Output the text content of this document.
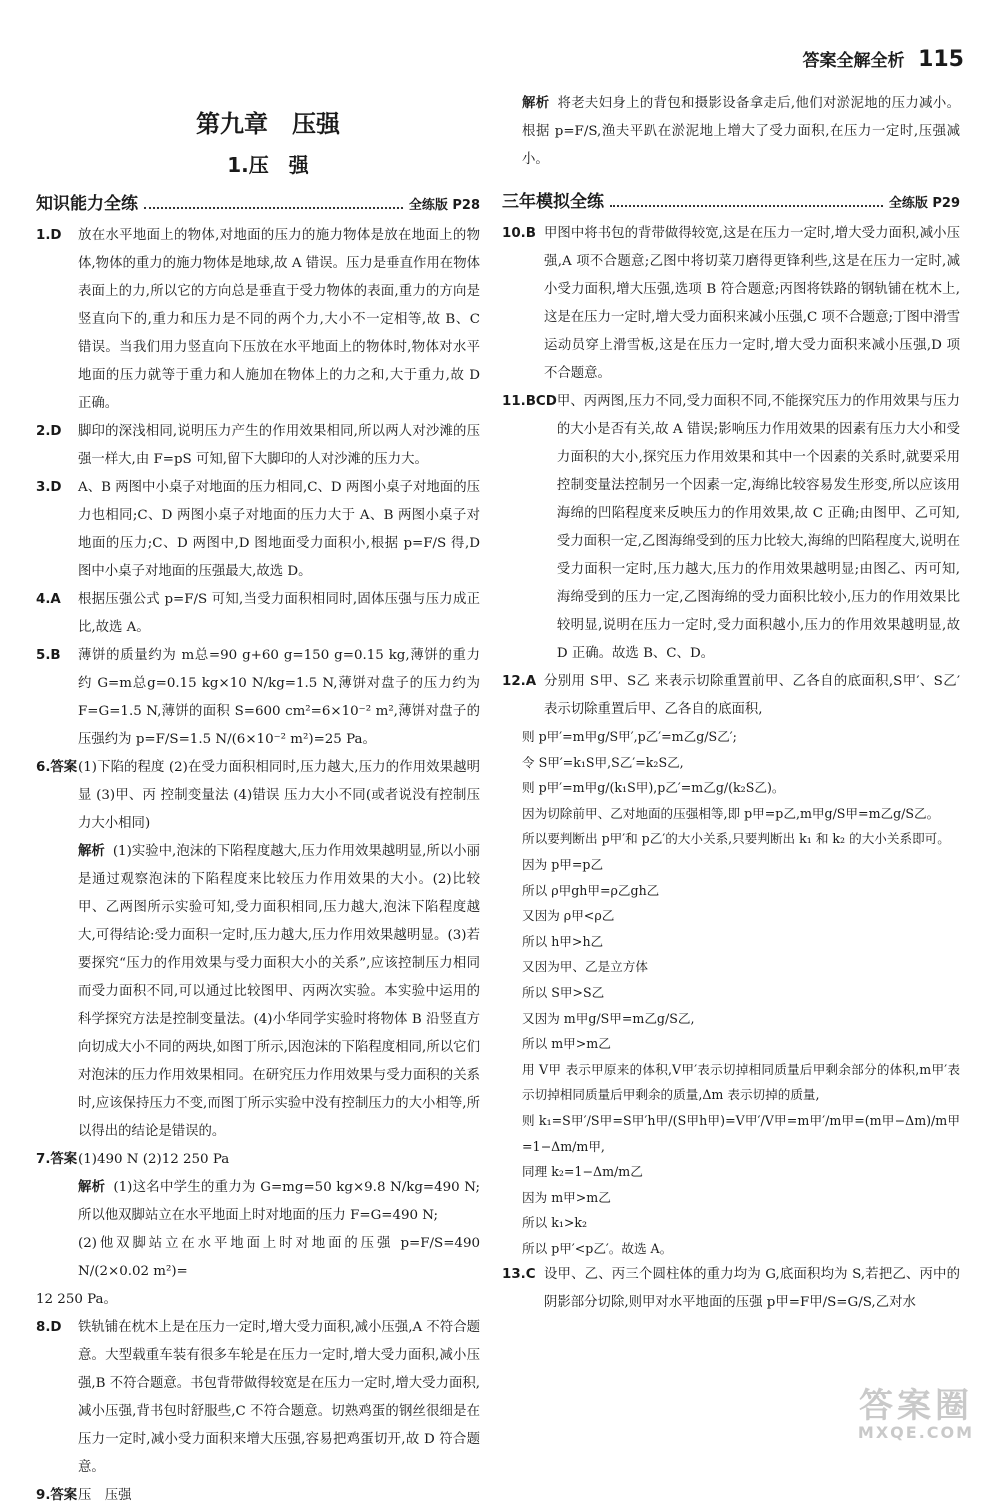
答案全解全析 115
第九章　压强
1.压　强
知识能力全练	全练版 P28
1.D	放在水平地面上的物体,对地面的压力的施力物体是放在地面上的物体,物体的重力的施力物体是地球,故 A 错误。压力是垂直作用在物体表面上的力,所以它的方向总是垂直于受力物体的表面,重力的方向是竖直向下的,重力和压力是不同的两个力,大小不一定相等,故 B、C 错误。当我们用力竖直向下压放在水平地面上的物体时,物体对水平地面的压力就等于重力和人施加在物体上的力之和,大于重力,故 D 正确。
2.D	脚印的深浅相同,说明压力产生的作用效果相同,所以两人对沙滩的压强一样大,由 F=pS 可知,留下大脚印的人对沙滩的压力大。
3.D	A、B 两图中小桌子对地面的压力相同,C、D 两图小桌子对地面的压力也相同;C、D 两图小桌子对地面的压力大于 A、B 两图小桌子对地面的压力;C、D 两图中,D 图地面受力面积小,根据 p=F/S 得,D 图中小桌子对地面的压强最大,故选 D。
4.A	根据压强公式 p=F/S 可知,当受力面积相同时,固体压强与压力成正比,故选 A。
5.B	薄饼的质量约为 m总=90 g+60 g=150 g=0.15 kg,薄饼的重力约 G=m总g=0.15 kg×10 N/kg=1.5 N,薄饼对盘子的压力约为 F=G=1.5 N,薄饼的面积 S=600 cm²=6×10⁻² m²,薄饼对盘子的压强约为 p=F/S=1.5 N/(6×10⁻² m²)=25 Pa。
6.答案 (1)下陷的程度 (2)在受力面积相同时,压力越大,压力的作用效果越明显 (3)甲、丙 控制变量法 (4)错误 压力大小不同(或者说没有控制压力大小相同)
解析 (1)实验中,泡沫的下陷程度越大,压力作用效果越明显,所以小丽是通过观察泡沫的下陷程度来比较压力作用效果的大小。(2)比较甲、乙两图所示实验可知,受力面积相同,压力越大,泡沫下陷程度越大,可得结论:受力面积一定时,压力越大,压力作用效果越明显。(3)若要探究“压力的作用效果与受力面积大小的关系”,应该控制压力相同而受力面积不同,可以通过比较图甲、丙两次实验。本实验中运用的科学探究方法是控制变量法。(4)小华同学实验时将物体 B 沿竖直方向切成大小不同的两块,如图丁所示,因泡沫的下陷程度相同,所以它们对泡沫的压力作用效果相同。在研究压力作用效果与受力面积的关系时,应该保持压力不变,而图丁所示实验中没有控制压力的大小相等,所以得出的结论是错误的。
7.答案 (1)490 N (2)12 250 Pa
解析 (1)这名中学生的重力为 G=mg=50 kg×9.8 N/kg=490 N;所以他双脚站立在水平地面上时对地面的压力 F=G=490 N;
(2)他双脚站立在水平地面上时对地面的压强 p=F/S=490 N/(2×0.02 m²)=
12 250 Pa。
8.D	铁轨铺在枕木上是在压力一定时,增大受力面积,减小压强,A 不符合题意。大型载重车装有很多车轮是在压力一定时,增大受力面积,减小压强,B 不符合题意。书包背带做得较宽是在压力一定时,增大受力面积,减小压强,背书包时舒服些,C 不符合题意。切熟鸡蛋的钢丝很细是在压力一定时,减小受力面积来增大压强,容易把鸡蛋切开,故 D 符合题意。
9.答案 压　压强
解析 将老夫妇身上的背包和摄影设备拿走后,他们对淤泥地的压力减小。根据 p=F/S,渔夫平趴在淤泥地上增大了受力面积,在压力一定时,压强减小。
三年模拟全练	全练版 P29
10.B 甲图中将书包的背带做得较宽,这是在压力一定时,增大受力面积,减小压强,A 项不合题意;乙图中将切菜刀磨得更锋利些,这是在压力一定时,减小受力面积,增大压强,选项 B 符合题意;丙图将铁路的钢轨铺在枕木上,这是在压力一定时,增大受力面积来减小压强,C 项不合题意;丁图中滑雪运动员穿上滑雪板,这是在压力一定时,增大受力面积来减小压强,D 项不合题意。
11.BCD 甲、丙两图,压力不同,受力面积不同,不能探究压力的作用效果与压力的大小是否有关,故 A 错误;影响压力作用效果的因素有压力大小和受力面积的大小,探究压力作用效果和其中一个因素的关系时,就要采用控制变量法控制另一个因素一定,海绵比较容易发生形变,所以应该用海绵的凹陷程度来反映压力的作用效果,故 C 正确;由图甲、乙可知,受力面积一定,乙图海绵受到的压力比较大,海绵的凹陷程度大,说明在受力面积一定时,压力越大,压力的作用效果越明显;由图乙、丙可知,海绵受到的压力一定,乙图海绵的受力面积比较小,压力的作用效果比较明显,说明在压力一定时,受力面积越小,压力的作用效果越明显,故 D 正确。故选 B、C、D。
12.A 分别用 S甲、S乙 来表示切除重置前甲、乙各自的底面积,S甲′、S乙′表示切除重置后甲、乙各自的底面积,
则 p甲′=m甲g/S甲′,p乙′=m乙g/S乙′;
令 S甲′=k₁S甲,S乙′=k₂S乙,
则 p甲′=m甲g/(k₁S甲),p乙′=m乙g/(k₂S乙)。
因为切除前甲、乙对地面的压强相等,即 p甲=p乙,m甲g/S甲=m乙g/S乙。
所以要判断出 p甲′和 p乙′的大小关系,只要判断出 k₁ 和 k₂ 的大小关系即可。
因为 p甲=p乙
所以 ρ甲gh甲=ρ乙gh乙
又因为 ρ甲<ρ乙
所以 h甲>h乙
又因为甲、乙是立方体
所以 S甲>S乙
又因为 m甲g/S甲=m乙g/S乙,
所以 m甲>m乙
用 V甲 表示甲原来的体积,V甲′表示切掉相同质量后甲剩余部分的体积,m甲′表示切掉相同质量后甲剩余的质量,Δm 表示切掉的质量,
则 k₁=S甲′/S甲=S甲′h甲/(S甲h甲)=V甲′/V甲=m甲′/m甲=(m甲−Δm)/m甲=1−Δm/m甲,
同理 k₂=1−Δm/m乙
因为 m甲>m乙
所以 k₁>k₂
所以 p甲′<p乙′。故选 A。
13.C 设甲、乙、丙三个圆柱体的重力均为 G,底面积均为 S,若把乙、丙中的阴影部分切除,则甲对水平地面的压强 p甲=F甲/S=G/S,乙对水
答案圈
MXQE.COM
